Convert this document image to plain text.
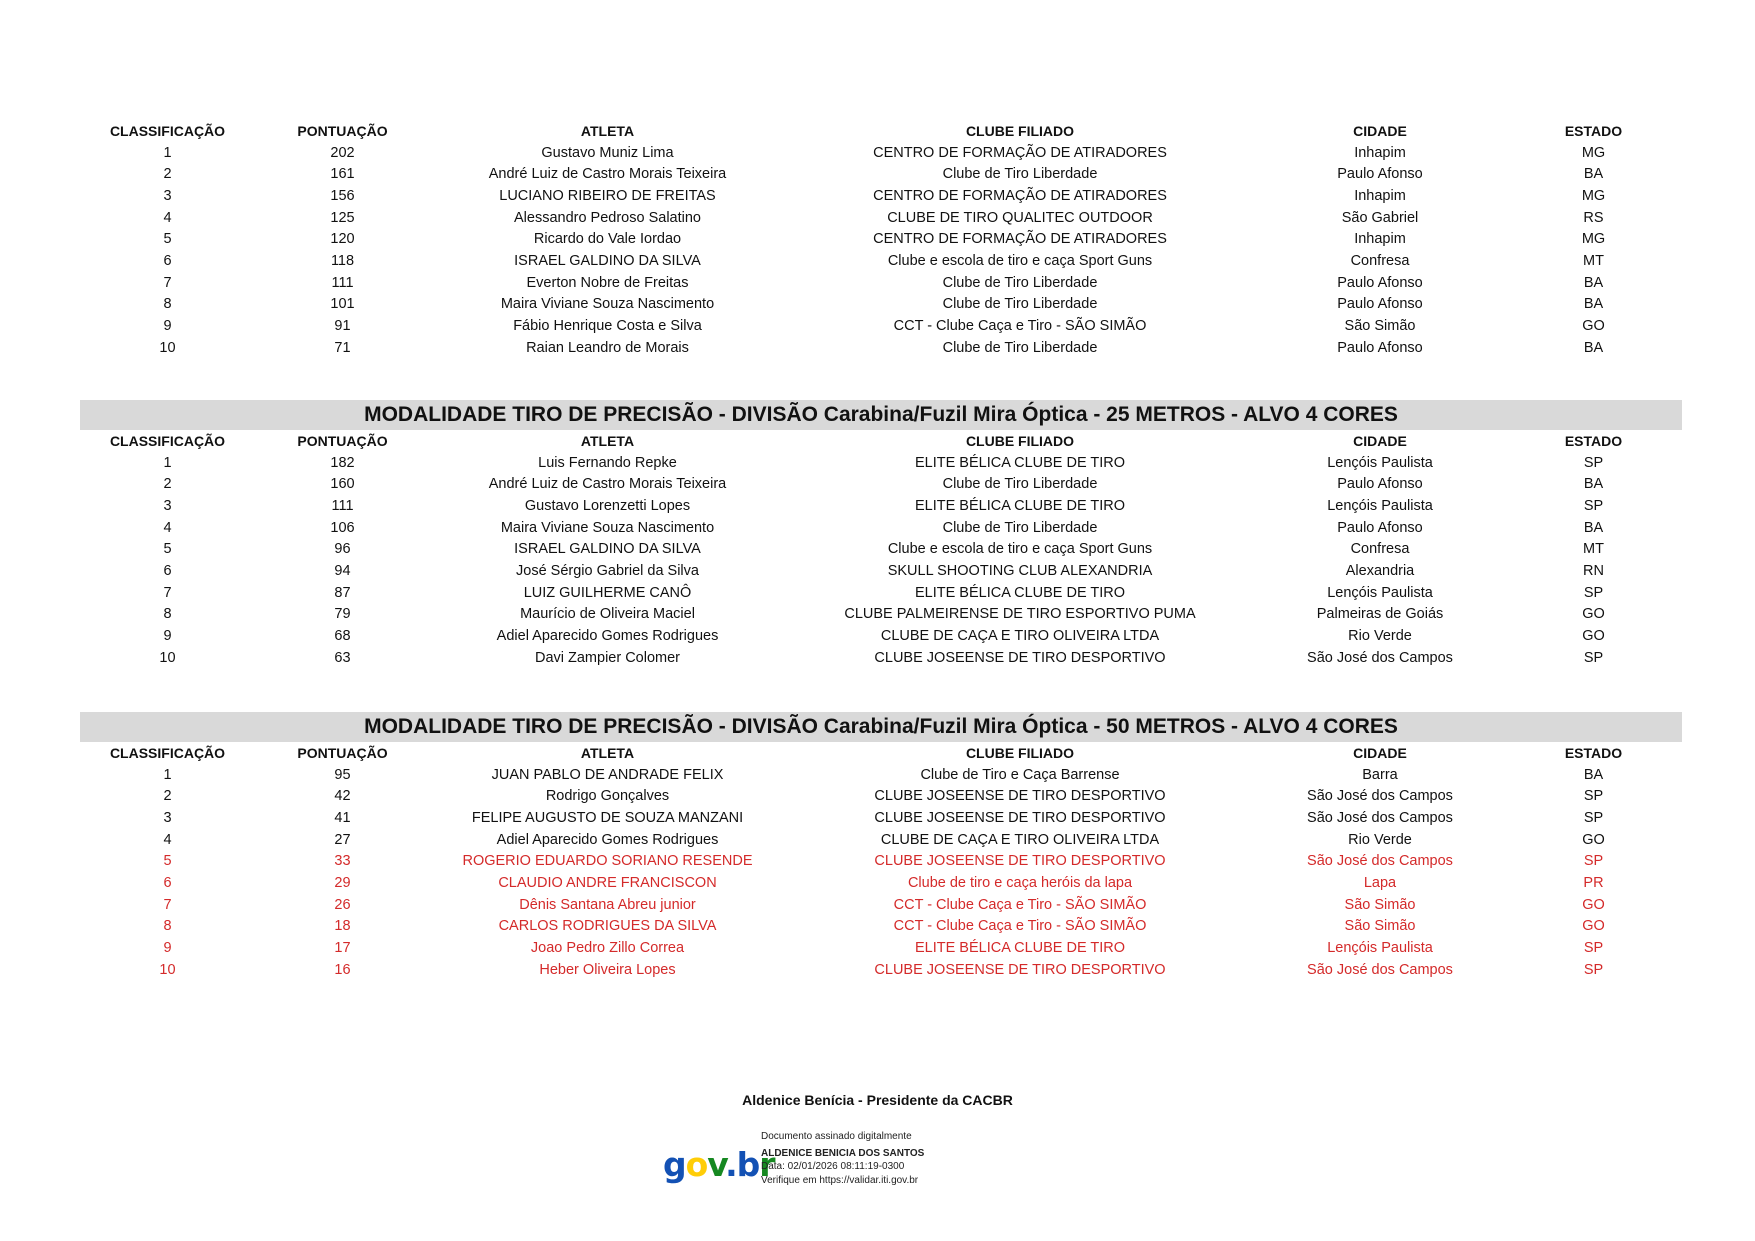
CLASSIFICAÇÃO	PONTUAÇÃO	ATLETA	CLUBE FILIADO	CIDADE	ESTADO
1	202	Gustavo Muniz Lima	CENTRO DE FORMAÇÃO DE ATIRADORES	Inhapim	MG
2	161	André Luiz de Castro Morais Teixeira	Clube de Tiro Liberdade	Paulo Afonso	BA
3	156	LUCIANO RIBEIRO DE FREITAS	CENTRO DE FORMAÇÃO DE ATIRADORES	Inhapim	MG
4	125	Alessandro Pedroso Salatino	CLUBE DE TIRO QUALITEC OUTDOOR	São Gabriel	RS
5	120	Ricardo do Vale Iordao	CENTRO DE FORMAÇÃO DE ATIRADORES	Inhapim	MG
6	118	ISRAEL GALDINO DA SILVA	Clube e escola de tiro e caça Sport Guns	Confresa	MT
7	111	Everton Nobre de Freitas	Clube de Tiro Liberdade	Paulo Afonso	BA
8	101	Maira Viviane Souza Nascimento	Clube de Tiro Liberdade	Paulo Afonso	BA
9	91	Fábio Henrique Costa e Silva	CCT - Clube Caça e Tiro - SÃO SIMÃO	São Simão	GO
10	71	Raian Leandro de Morais	Clube de Tiro Liberdade	Paulo Afonso	BA
MODALIDADE TIRO DE PRECISÃO - DIVISÃO Carabina/Fuzil Mira Óptica - 25 METROS - ALVO 4 CORES
CLASSIFICAÇÃO	PONTUAÇÃO	ATLETA	CLUBE FILIADO	CIDADE	ESTADO
1	182	Luis Fernando Repke	ELITE BÉLICA CLUBE DE TIRO	Lençóis Paulista	SP
2	160	André Luiz de Castro Morais Teixeira	Clube de Tiro Liberdade	Paulo Afonso	BA
3	111	Gustavo Lorenzetti Lopes	ELITE BÉLICA CLUBE DE TIRO	Lençóis Paulista	SP
4	106	Maira Viviane Souza Nascimento	Clube de Tiro Liberdade	Paulo Afonso	BA
5	96	ISRAEL GALDINO DA SILVA	Clube e escola de tiro e caça Sport Guns	Confresa	MT
6	94	José Sérgio Gabriel da Silva	SKULL SHOOTING CLUB ALEXANDRIA	Alexandria	RN
7	87	LUIZ GUILHERME CANÔ	ELITE BÉLICA CLUBE DE TIRO	Lençóis Paulista	SP
8	79	Maurício de Oliveira Maciel	CLUBE PALMEIRENSE DE TIRO ESPORTIVO PUMA	Palmeiras de Goiás	GO
9	68	Adiel Aparecido Gomes Rodrigues	CLUBE DE CAÇA E TIRO OLIVEIRA LTDA	Rio Verde	GO
10	63	Davi Zampier Colomer	CLUBE JOSEENSE DE TIRO DESPORTIVO	São José dos Campos	SP
MODALIDADE TIRO DE PRECISÃO - DIVISÃO Carabina/Fuzil Mira Óptica - 50 METROS - ALVO 4 CORES
CLASSIFICAÇÃO	PONTUAÇÃO	ATLETA	CLUBE FILIADO	CIDADE	ESTADO
1	95	JUAN PABLO DE ANDRADE FELIX	Clube de Tiro e Caça Barrense	Barra	BA
2	42	Rodrigo Gonçalves	CLUBE JOSEENSE DE TIRO DESPORTIVO	São José dos Campos	SP
3	41	FELIPE AUGUSTO DE SOUZA MANZANI	CLUBE JOSEENSE DE TIRO DESPORTIVO	São José dos Campos	SP
4	27	Adiel Aparecido Gomes Rodrigues	CLUBE DE CAÇA E TIRO OLIVEIRA LTDA	Rio Verde	GO
5	33	ROGERIO EDUARDO SORIANO RESENDE	CLUBE JOSEENSE DE TIRO DESPORTIVO	São José dos Campos	SP
6	29	CLAUDIO ANDRE FRANCISCON	Clube de tiro e caça heróis da lapa	Lapa	PR
7	26	Dênis Santana Abreu junior	CCT - Clube Caça e Tiro - SÃO SIMÃO	São Simão	GO
8	18	CARLOS RODRIGUES DA SILVA	CCT - Clube Caça e Tiro - SÃO SIMÃO	São Simão	GO
9	17	Joao Pedro Zillo Correa	ELITE BÉLICA CLUBE DE TIRO	Lençóis Paulista	SP
10	16	Heber Oliveira Lopes	CLUBE JOSEENSE DE TIRO DESPORTIVO	São José dos Campos	SP
Aldenice Benícia - Presidente da CACBR
gov.br
Documento assinado digitalmente
ALDENICE BENICIA DOS SANTOS
Data: 02/01/2026 08:11:19-0300
Verifique em https://validar.iti.gov.br
